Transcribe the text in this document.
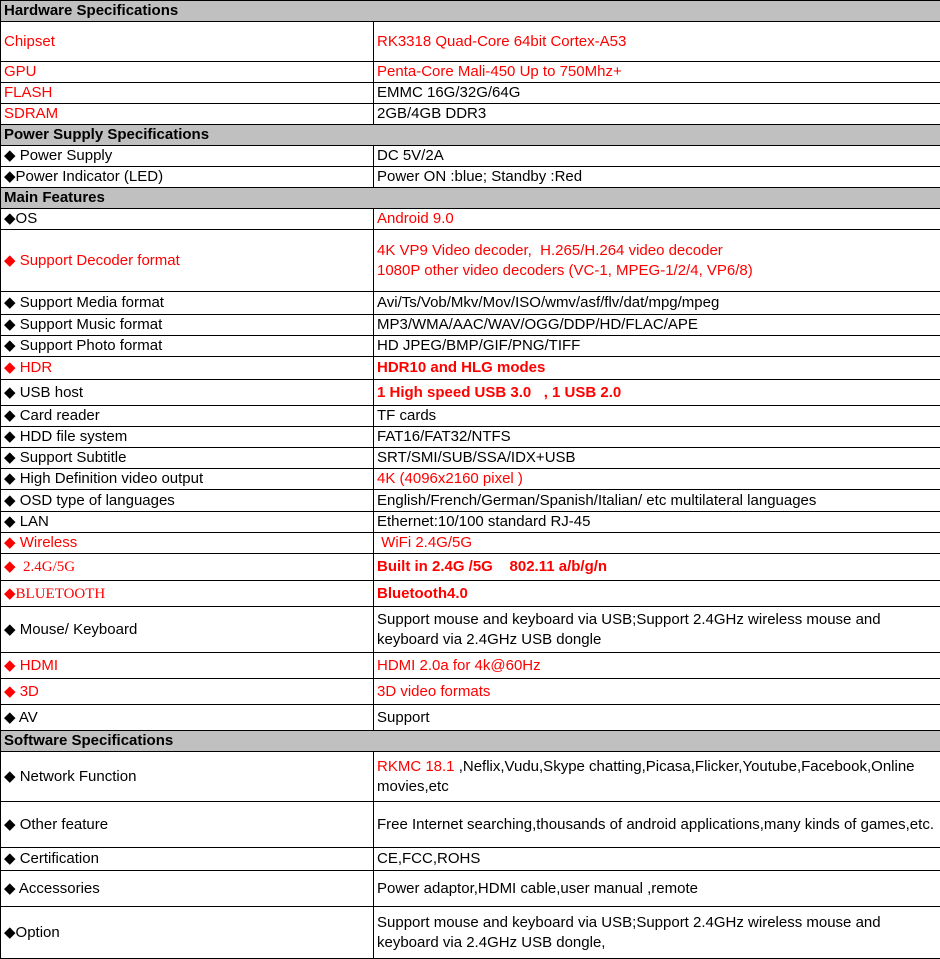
Hardware Specifications	
Chipset	RK3318 Quad-Core 64bit Cortex-A53
GPU	Penta-Core Mali-450 Up to 750Mhz+
FLASH	EMMC 16G/32G/64G
SDRAM	2GB/4GB DDR3
Power Supply Specifications	
◆ Power Supply	DC 5V/2A
◆Power Indicator (LED)	Power ON :blue; Standby :Red
Main Features	
◆OS	Android 9.0
◆ Support Decoder format	4K VP9 Video decoder,  H.265/H.264 video decoder
1080P other video decoders (VC-1, MPEG-1/2/4, VP6/8)
◆ Support Media format	Avi/Ts/Vob/Mkv/Mov/ISO/wmv/asf/flv/dat/mpg/mpeg
◆ Support Music format	MP3/WMA/AAC/WAV/OGG/DDP/HD/FLAC/APE
◆ Support Photo format	HD JPEG/BMP/GIF/PNG/TIFF
◆ HDR	HDR10 and HLG modes
◆ USB host	1 High speed USB 3.0   , 1 USB 2.0
◆ Card reader	TF cards
◆ HDD file system	FAT16/FAT32/NTFS
◆ Support Subtitle	SRT/SMI/SUB/SSA/IDX+USB
◆ High Definition video output	4K (4096x2160 pixel )
◆ OSD type of languages	English/French/German/Spanish/Italian/ etc multilateral languages
◆ LAN	Ethernet:10/100 standard RJ-45
◆ Wireless	WiFi 2.4G/5G
◆  2.4G/5G	Built in 2.4G /5G    802.11 a/b/g/n
◆BLUETOOTH	Bluetooth4.0
◆ Mouse/ Keyboard	Support mouse and keyboard via USB;Support 2.4GHz wireless mouse and keyboard via 2.4GHz USB dongle
◆ HDMI	HDMI 2.0a for 4k@60Hz
◆ 3D	3D video formats
◆ AV	Support
Software Specifications	
◆ Network Function	RKMC 18.1 ,Neflix,Vudu,Skype chatting,Picasa,Flicker,Youtube,Facebook,Online movies,etc
◆ Other feature	Free Internet searching,thousands of android applications,many kinds of games,etc.
◆ Certification	CE,FCC,ROHS
◆ Accessories	Power adaptor,HDMI cable,user manual ,remote
◆Option	Support mouse and keyboard via USB;Support 2.4GHz wireless mouse and keyboard via 2.4GHz USB dongle,
